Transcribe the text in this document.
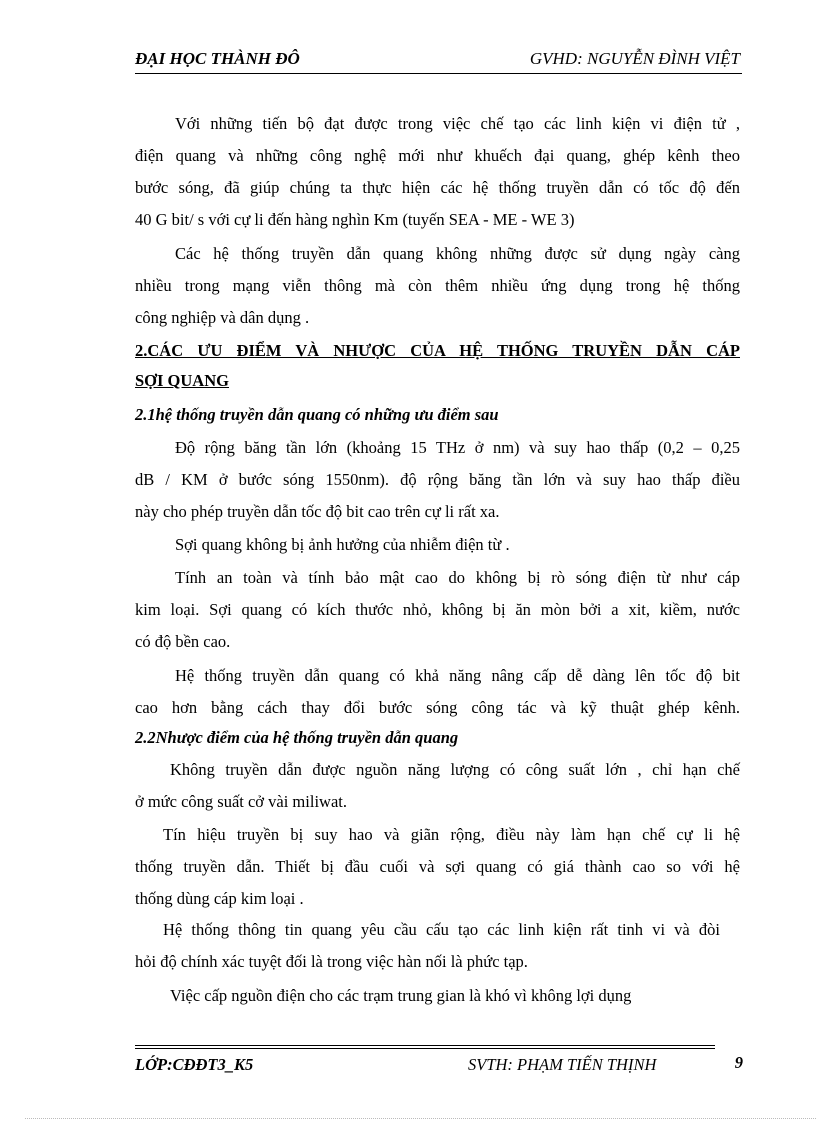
ĐẠI HỌC THÀNH ĐÔ	GVHD: NGUYỄN ĐÌNH VIỆT
Với những tiến bộ đạt được trong việc chế tạo các linh kiện vi điện tử ,
điện quang và những công nghệ mới như khuếch đại quang, ghép kênh theo
bước sóng, đã giúp chúng ta thực hiện các hệ thống truyền dẫn có tốc độ đến
40 G bit/ s với cự li đến hàng nghìn Km (tuyến SEA - ME - WE 3)
Các hệ thống truyền dẫn quang không những được sử dụng ngày càng
nhiều trong mạng viễn thông mà còn thêm nhiều ứng dụng trong hệ thống
công nghiệp và dân dụng .
2.CÁC ƯU ĐIỂM VÀ NHƯỢC CỦA HỆ THỐNG TRUYỀN DẪN CÁP
SỢI QUANG
2.1hệ thống truyền dẫn quang có những ưu điểm sau
Độ rộng băng tần lớn (khoảng 15 THz ở nm) và suy hao thấp (0,2 – 0,25
dB / KM ở bước sóng 1550nm). độ rộng băng tần lớn và suy hao thấp điều
này cho phép truyền dẫn tốc độ bit cao trên cự li rất xa.
Sợi quang không bị ảnh hưởng của nhiễm điện từ .
Tính an toàn và tính bảo mật cao do không bị rò sóng điện từ như cáp
kim loại. Sợi quang có kích thước nhỏ, không bị ăn mòn bởi a xit, kiềm, nước
có độ bền cao.
Hệ thống truyền dẫn quang có khả năng nâng cấp dễ dàng lên tốc độ bit
cao hơn bằng cách thay đổi bước sóng công tác và kỹ thuật ghép kênh.
2.2Nhược điểm của hệ thống truyền dẫn quang
Không truyền dẫn được nguồn năng lượng có công suất lớn , chỉ hạn chế
ở mức công suất cở vài miliwat.
Tín hiệu truyền bị suy hao và giãn rộng, điều này làm hạn chế cự li hệ
thống truyền dẫn. Thiết bị đầu cuối và sợi quang có giá thành cao so với hệ
thống dùng cáp kim loại .
Hệ thống thông tin quang yêu cầu cấu tạo các linh kiện rất tinh vi và đòi
hỏi độ chính xác tuyệt đối là trong việc hàn nối là phức tạp.
Việc cấp nguồn điện cho các trạm trung gian là khó vì không lợi dụng
LỚP:CĐĐT3_K5	SVTH: PHẠM TIẾN THỊNH	9
